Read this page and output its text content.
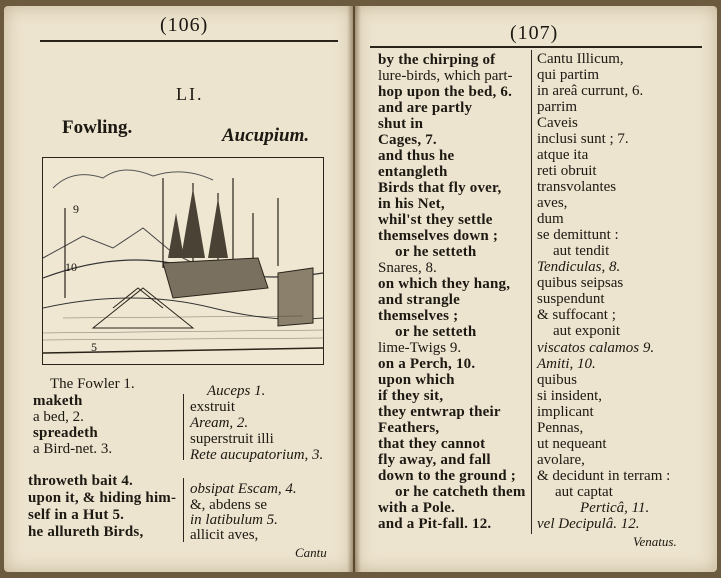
(106)
LI.
Fowling.	Aucupium.
9
10
5
The Fowler 1.
maketh
a bed, 2.
spreadeth
a Bird-net. 3.
throweth bait 4.
upon it, & hiding him-
self in a Hut 5.
he allureth Birds,
Auceps 1.
exstruit
Aream, 2.
superstruit illi
Rete aucupatorium, 3.
obsipat Escam, 4.
&, abdens se
in latibulum 5.
allicit aves,
Cantu
(107)
by the chirping of
lure-birds, which part-
hop upon the bed, 6.
and are partly
shut in
Cages, 7.
and thus he
entangleth
Birds that fly over,
in his Net,
whil'st they settle
themselves down ;
or he setteth
Snares, 8.
on which they hang,
and strangle
themselves ;
or he setteth
lime-Twigs 9.
on a Perch, 10.
upon which
if they sit,
they entwrap their
Feathers,
that they cannot
fly away, and fall
down to the ground ;
or he catcheth them
with a Pole.
and a Pit-fall. 12.
Cantu Illicum,
qui partim
in areâ currunt, 6.
parrim
Caveis
inclusi sunt ; 7.
atque ita
reti obruit
transvolantes
aves,
dum
se demittunt :
aut tendit
Tendiculas, 8.
quibus seipsas
suspendunt
& suffocant ;
aut exponit
viscatos calamos 9.
Amiti, 10.
quibus
si insident,
implicant
Pennas,
ut nequeant
avolare,
& decidunt in terram :
aut captat
Perticâ, 11.
vel Decipulâ. 12.
Venatus.
